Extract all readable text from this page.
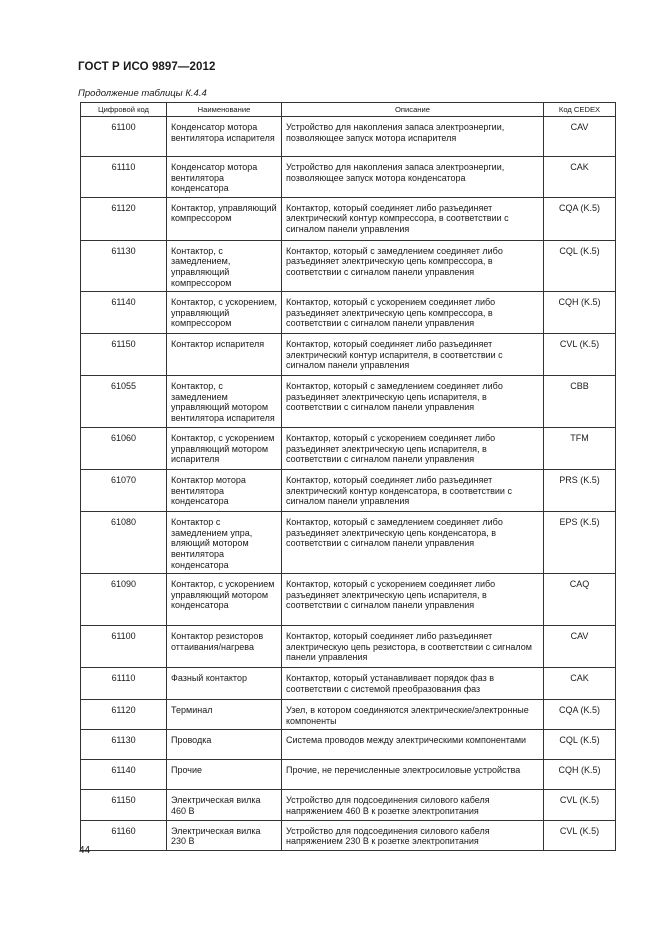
ГОСТ Р ИСО 9897—2012
Продолжение таблицы К.4.4
Цифровой код	Наименование	Описание	Код CEDEX
61100	Конденсатор мотора вентилятора испарителя	Устройство для накопления запаса электроэнергии, позволяющее запуск мотора испарителя	CAV
61110	Конденсатор мотора вентилятора конденсатора	Устройство для накопления запаса электроэнергии, позволяющее запуск мотора конденсатора	CAK
61120	Контактор, управляющий компрессором	Контактор, который соединяет либо разъединяет электрический контур компрессора, в соответствии с сигналом панели управления	CQA (K.5)
61130	Контактор, с замедлением, управляющий компрессором	Контактор, который с замедлением соединяет либо разъединяет электрическую цепь компрессора, в соответствии с сигналом панели управления	CQL (K.5)
61140	Контактор, с ускорением, управляющий компрессором	Контактор, который с ускорением соединяет либо разъединяет электрическую цепь компрессора, в соответствии с сигналом панели управления	CQH (K.5)
61150	Контактор испарителя	Контактор, который соединяет либо разъединяет электрический контур испарителя, в соответствии с сигналом панели управления	CVL (K.5)
61055	Контактор, с замедлением управляющий мотором вентилятора испарителя	Контактор, который с замедлением соединяет либо разъединяет электрическую цепь испарителя, в соответствии с сигналом панели управления	CBB
61060	Контактор, с ускорением управляющий мотором испарителя	Контактор, который с ускорением соединяет либо разъединяет электрическую цепь испарителя, в соответствии с сигналом панели управления	TFM
61070	Контактор мотора вентилятора конденсатора	Контактор, который соединяет либо разъединяет электрический контур конденсатора, в соответствии с сигналом панели управления	PRS (K.5)
61080	Контактор с замедлением упра, вляющий мотором вентилятора конденсатора	Контактор, который с замедлением соединяет либо разъединяет электрическую цепь конденсатора, в соответствии с сигналом панели управления	EPS (K.5)
61090	Контактор, с ускорением управляющий мотором конденсатора	Контактор, который с ускорением соединяет либо разъединяет электрическую цепь испарителя, в соответствии с сигналом панели управления	CAQ
61100	Контактор резисторов оттаивания/нагрева	Контактор, который соединяет либо разъединяет электрическую цепь резистора, в соответствии с сигналом панели управления	CAV
61110	Фазный контактор	Контактор, который устанавливает порядок фаз в соответствии с системой преобразования фаз	CAK
61120	Терминал	Узел, в котором соединяются электрические/электронные компоненты	CQA (K.5)
61130	Проводка	Система проводов между электрическими компонентами	CQL (K.5)
61140	Прочие	Прочие, не перечисленные электросиловые устройства	CQH (K.5)
61150	Электрическая вилка 460 В	Устройство для подсоединения силового кабеля напряжением 460 В к розетке электропитания	CVL (K.5)
61160	Электрическая вилка 230 В	Устройство для подсоединения силового кабеля напряжением 230 В к розетке электропитания	CVL (K.5)
44
